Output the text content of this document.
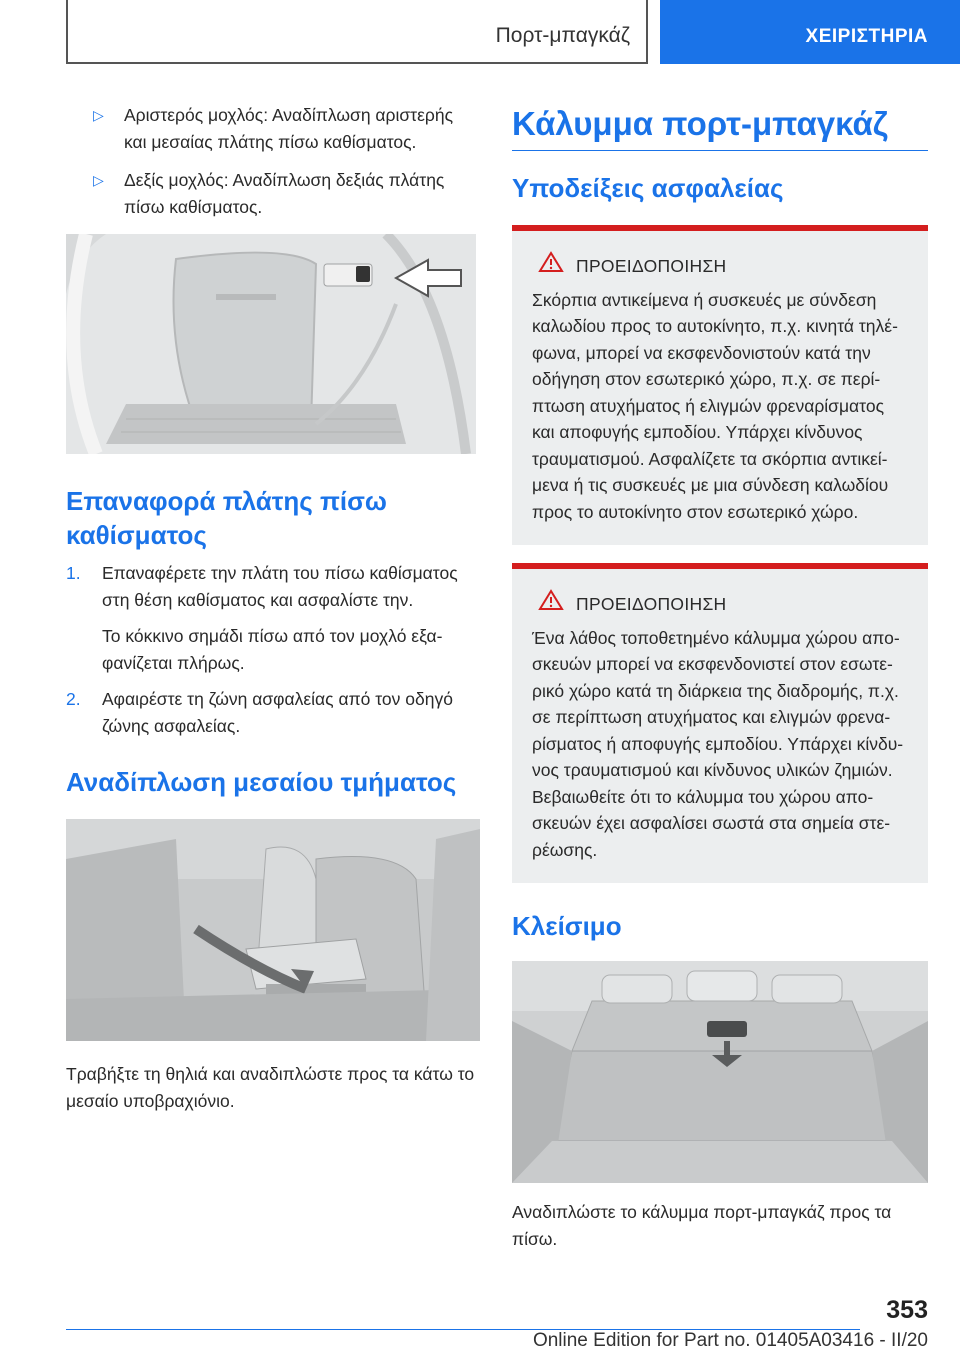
Πορτ-μπαγκάζ	ΧΕΙΡΙΣΤΗΡΙΑ
▷ Αριστερός μοχλός: Αναδίπλωση αριστερής και μεσαίας πλάτης πίσω καθίσματος.
▷ Δεξίς μοχλός: Αναδίπλωση δεξιάς πλάτης πίσω καθίσματος.
Επαναφορά πλάτης πίσω καθίσματος
1. Επαναφέρετε την πλάτη του πίσω καθίσματος στη θέση καθίσματος και ασφαλίστε την.
Το κόκκινο σημάδι πίσω από τον μοχλό εξαφανίζεται πλήρως.
2. Αφαιρέστε τη ζώνη ασφαλείας από τον οδηγό ζώνης ασφαλείας.
Αναδίπλωση μεσαίου τμήματος
Τραβήξτε τη θηλιά και αναδιπλώστε προς τα κάτω το μεσαίο υποβραχιόνιο.
Κάλυμμα πορτ-μπαγκάζ
Υποδείξεις ασφαλείας
ΠΡΟΕΙΔΟΠΟΙΗΣΗ
Σκόρπια αντικείμενα ή συσκευές με σύνδεση καλωδίου προς το αυτοκίνητο, π.χ. κινητά τηλέφωνα, μπορεί να εκσφενδονιστούν κατά την οδήγηση στον εσωτερικό χώρο, π.χ. σε περίπτωση ατυχήματος ή ελιγμών φρεναρίσματος και αποφυγής εμποδίου. Υπάρχει κίνδυνος τραυματισμού. Ασφαλίζετε τα σκόρπια αντικείμενα ή τις συσκευές με μια σύνδεση καλωδίου προς το αυτοκίνητο στον εσωτερικό χώρο.
ΠΡΟΕΙΔΟΠΟΙΗΣΗ
Ένα λάθος τοποθετημένο κάλυμμα χώρου αποσκευών μπορεί να εκσφενδονιστεί στον εσωτερικό χώρο κατά τη διάρκεια της διαδρομής, π.χ. σε περίπτωση ατυχήματος και ελιγμών φρεναρίσματος ή αποφυγής εμποδίου. Υπάρχει κίνδυνος τραυματισμού και κίνδυνος υλικών ζημιών. Βεβαιωθείτε ότι το κάλυμμα του χώρου αποσκευών έχει ασφαλίσει σωστά στα σημεία στερέωσης.
Κλείσιμο
Αναδιπλώστε το κάλυμμα πορτ-μπαγκάζ προς τα πίσω.
353
Online Edition for Part no. 01405A03416 - II/20
